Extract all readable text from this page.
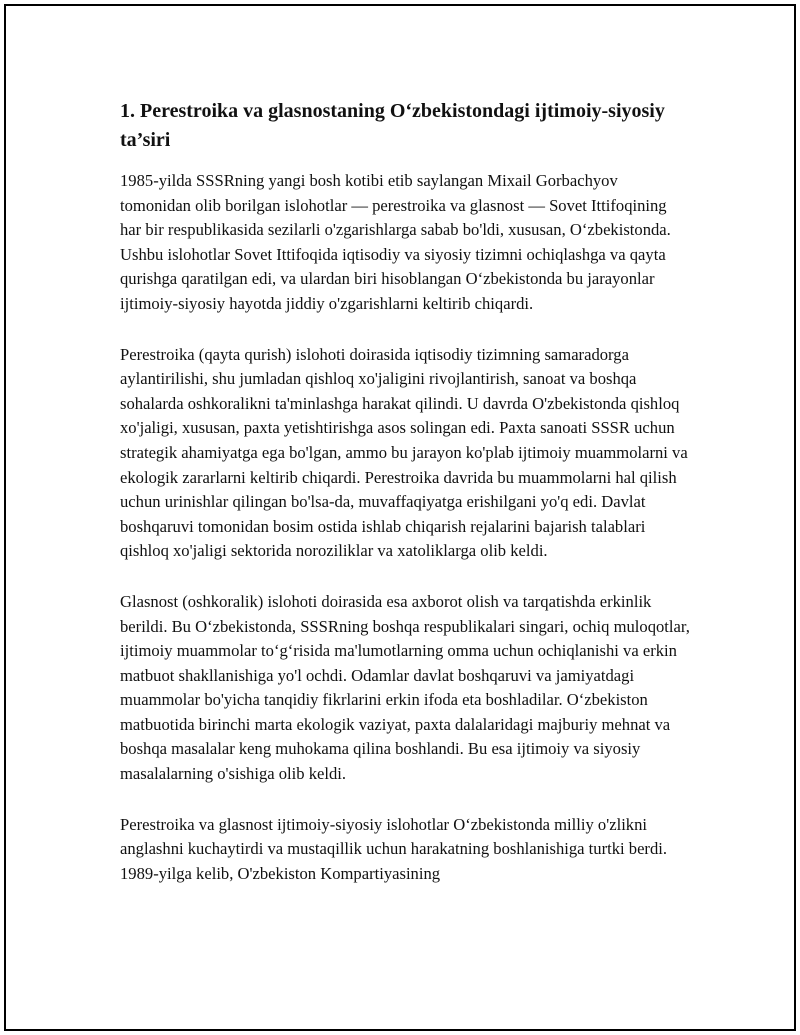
1. Perestroika va glasnostaning O‘zbekistondagi ijtimoiy-siyosiy ta’siri

1985-yilda SSSRning yangi bosh kotibi etib saylangan Mixail Gorbachyov tomonidan olib borilgan islohotlar — perestroika va glasnost — Sovet Ittifoqining har bir respublikasida sezilarli o'zgarishlarga sabab bo'ldi, xususan, O‘zbekistonda. Ushbu islohotlar Sovet Ittifoqida iqtisodiy va siyosiy tizimni ochiqlashga va qayta qurishga qaratilgan edi, va ulardan biri hisoblangan O‘zbekistonda bu jarayonlar ijtimoiy-siyosiy hayotda jiddiy o'zgarishlarni keltirib chiqardi.

Perestroika (qayta qurish) islohoti doirasida iqtisodiy tizimning samaradorga aylantirilishi, shu jumladan qishloq xo'jaligini rivojlantirish, sanoat va boshqa sohalarda oshkoralikni ta'minlashga harakat qilindi. U davrda O'zbekistonda qishloq xo'jaligi, xususan, paxta yetishtirishga asos solingan edi. Paxta sanoati SSSR uchun strategik ahamiyatga ega bo'lgan, ammo bu jarayon ko'plab ijtimoiy muammolarni va ekologik zararlarni keltirib chiqardi. Perestroika davrida bu muammolarni hal qilish uchun urinishlar qilingan bo'lsa-da, muvaffaqiyatga erishilgani yo'q edi. Davlat boshqaruvi tomonidan bosim ostida ishlab chiqarish rejalarini bajarish talablari qishloq xo'jaligi sektorida noroziliklar va xatoliklarga olib keldi.

Glasnost (oshkoralik) islohoti doirasida esa axborot olish va tarqatishda erkinlik berildi. Bu O‘zbekistonda, SSSRning boshqa respublikalari singari, ochiq muloqotlar, ijtimoiy muammolar to‘g‘risida ma'lumotlarning omma uchun ochiqlanishi va erkin matbuot shakllanishiga yo'l ochdi. Odamlar davlat boshqaruvi va jamiyatdagi muammolar bo'yicha tanqidiy fikrlarini erkin ifoda eta boshladilar. O‘zbekiston matbuotida birinchi marta ekologik vaziyat, paxta dalalaridagi majburiy mehnat va boshqa masalalar keng muhokama qilina boshlandi. Bu esa ijtimoiy va siyosiy masalalarning o'sishiga olib keldi.

Perestroika va glasnost ijtimoiy-siyosiy islohotlar O‘zbekistonda milliy o'zlikni anglashni kuchaytirdi va mustaqillik uchun harakatning boshlanishiga turtki berdi. 1989-yilga kelib, O'zbekiston Kompartiyasining
